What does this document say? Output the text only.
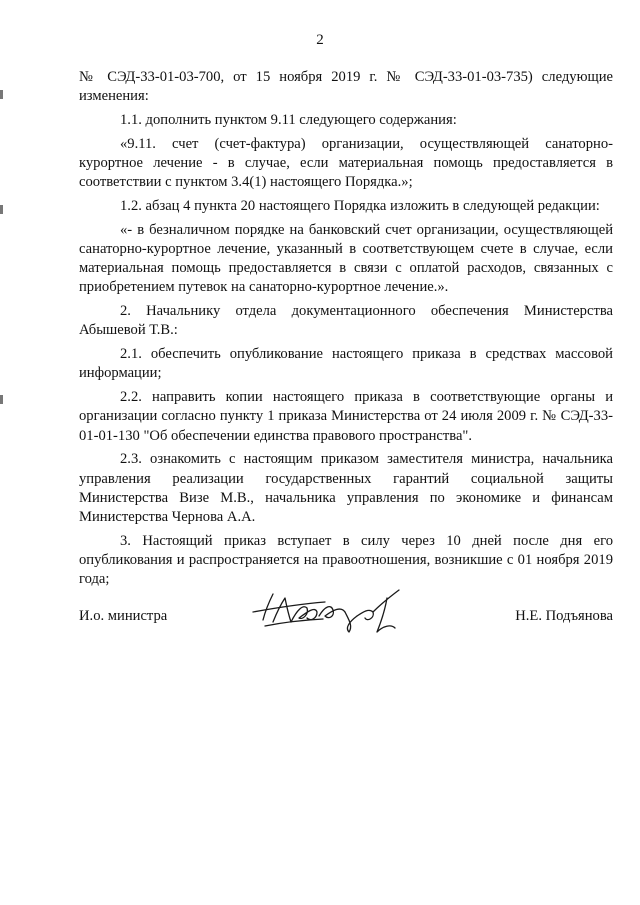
2

№ СЭД-33-01-03-700, от 15 ноября 2019 г. № СЭД-33-01-03-735) следующие изменения:

1.1. дополнить пунктом 9.11 следующего содержания:

«9.11. счет (счет-фактура) организации, осуществляющей санаторно-курортное лечение - в случае, если материальная помощь предоставляется в соответствии с пунктом 3.4(1) настоящего Порядка.»;

1.2. абзац 4 пункта 20 настоящего Порядка изложить в следующей редакции:

«- в безналичном порядке на банковский счет организации, осуществляющей санаторно-курортное лечение, указанный в соответствующем счете в случае, если материальная помощь предоставляется в связи с оплатой расходов, связанных с приобретением путевок на санаторно-курортное лечение.».

2. Начальнику отдела документационного обеспечения Министерства Абышевой Т.В.:

2.1. обеспечить опубликование настоящего приказа в средствах массовой информации;

2.2. направить копии настоящего приказа в соответствующие органы и организации согласно пункту 1 приказа Министерства от 24 июля 2009 г. № СЭД-33-01-01-130 "Об обеспечении единства правового пространства".

2.3. ознакомить с настоящим приказом заместителя министра, начальника управления реализации государственных гарантий социальной защиты Министерства Визе М.В., начальника управления по экономике и финансам Министерства Чернова А.А.

3. Настоящий приказ вступает в силу через 10 дней после дня его опубликования и распространяется на правоотношения, возникшие с 01 ноября 2019 года;

И.о. министра	Н.Е. Подъянова
